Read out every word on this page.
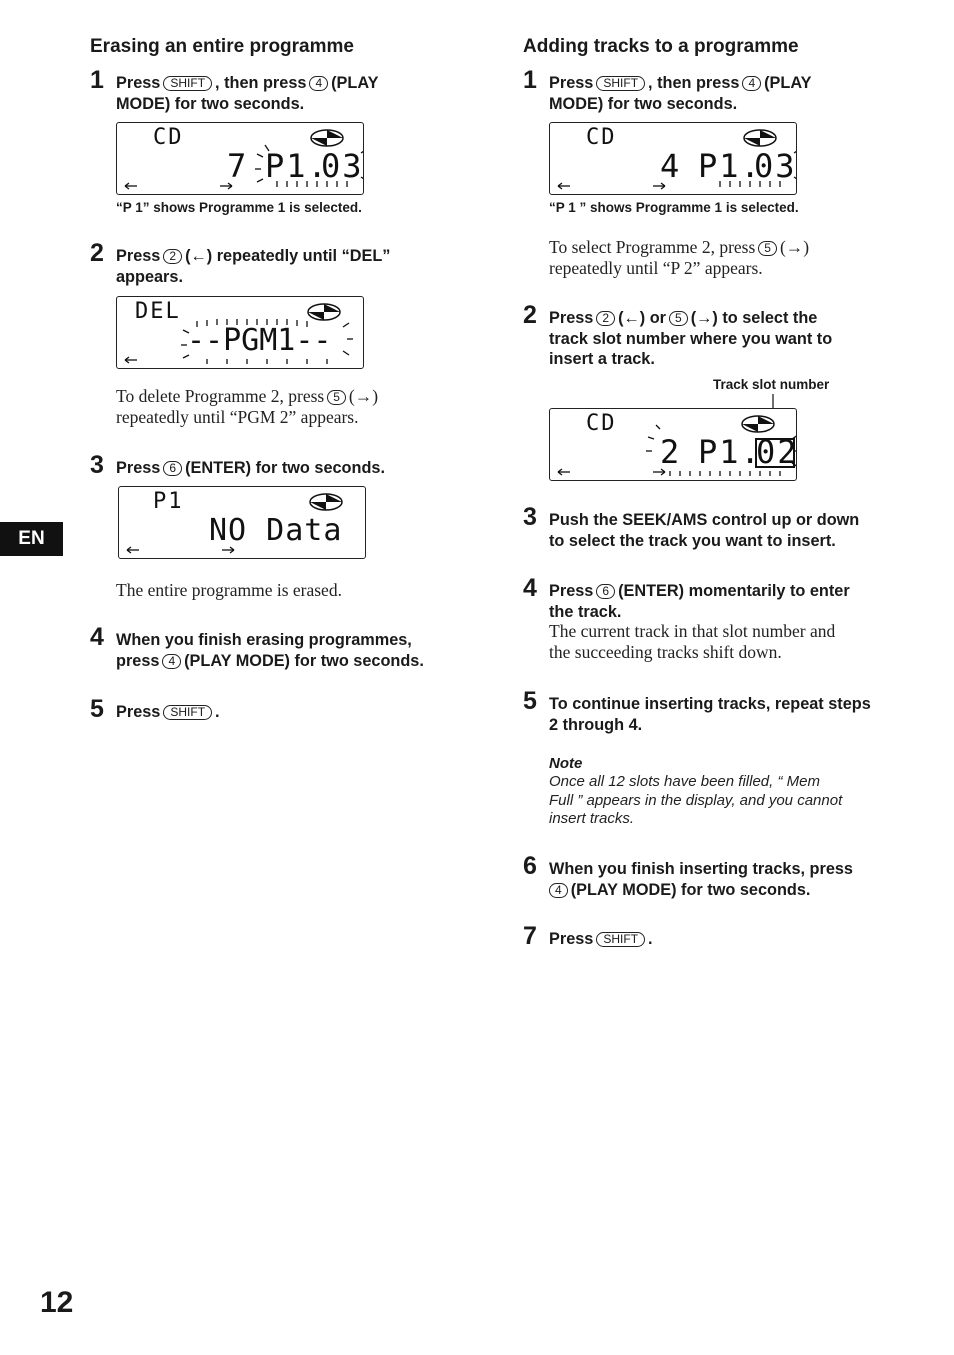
Erasing an entire programme
1 Press SHIFT , then press 4 (PLAY
MODE) for two seconds.
CD
7 P1.
03
“P 1” shows Programme 1 is selected.
2 Press 2 (←) repeatedly until “DEL”
appears.
DEL
--PGM1--
To delete Programme 2, press 5 (→)
repeatedly until “PGM 2” appears.
3 Press 6 (ENTER) for two seconds.
P1
NO Data
The entire programme is erased.
4 When you finish erasing programmes,
press 4 (PLAY MODE) for two seconds.
5 Press SHIFT .
Adding tracks to a programme
1 Press SHIFT , then press 4 (PLAY
MODE) for two seconds.
CD
4 P1.
03
“P 1 ” shows Programme 1 is selected.
To select Programme 2, press 5 (→)
repeatedly until “P 2” appears.
2 Press 2 (←) or 5 (→) to select the
track slot number where you want to
insert a track.
Track slot number
CD
2 P1.
02
3 Push the SEEK/AMS control up or down
to select the track you want to insert.
4 Press 6 (ENTER) momentarily to enter
the track.
The current track in that slot number and
the succeeding tracks shift down.
5 To continue inserting tracks, repeat steps
2 through 4.
Note
Once all 12 slots have been filled, “ Mem
Full ” appears in the display, and you cannot
insert tracks.
6 When you finish inserting tracks, press
4 (PLAY MODE) for two seconds.
7 Press SHIFT .
EN
12
